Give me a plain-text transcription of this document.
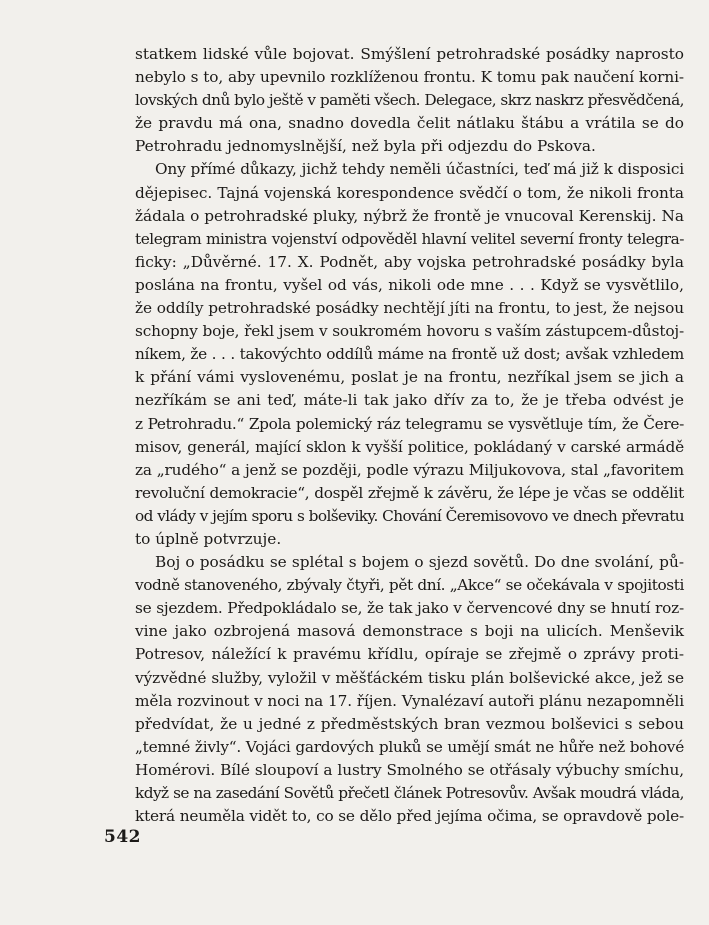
statkem lidské vůle bojovat. Smýšlení petrohradské posádky naprosto
nebylo s to, aby upevnilo rozklíženou frontu. K tomu pak naučení korni-
lovských dnů bylo ještě v paměti všech. Delegace, skrz naskrz přesvědčená,
že pravdu má ona, snadno dovedla čelit nátlaku štábu a vrátila se do
Petrohradu jednomyslnější, než byla při odjezdu do Pskova.
Ony přímé důkazy, jichž tehdy neměli účastníci, teď má již k disposici
dějepisec. Tajná vojenská korespondence svědčí o tom, že nikoli fronta
žádala o petrohradské pluky, nýbrž že frontě je vnucoval Kerenskij. Na
telegram ministra vojenství odpověděl hlavní velitel severní fronty telegra-
ficky: „Důvěrné. 17. X. Podnět, aby vojska petrohradské posádky byla
poslána na frontu, vyšel od vás, nikoli ode mne . . . Když se vysvětlilo,
že oddíly petrohradské posádky nechtějí jíti na frontu, to jest, že nejsou
schopny boje, řekl jsem v soukromém hovoru s vaším zástupcem-důstoj-
níkem, že . . . takovýchto oddílů máme na frontě už dost; avšak vzhledem
k přání vámi vyslovenému, poslat je na frontu, nezříkal jsem se jich a
nezříkám se ani teď, máte-li tak jako dřív za to, že je třeba odvést je
z Petrohradu.“ Zpola polemický ráz telegramu se vysvětluje tím, že Čere-
misov, generál, mající sklon k vyšší politice, pokládaný v carské armádě
za „rudého“ a jenž se později, podle výrazu Miljukovova, stal „favoritem
revoluční demokracie“, dospěl zřejmě k závěru, že lépe je včas se oddělit
od vlády v jejím sporu s bolševiky. Chování Čeremisovovo ve dnech převratu
to úplně potvrzuje.
Boj o posádku se splétal s bojem o sjezd sovětů. Do dne svolání, pů-
vodně stanoveného, zbývaly čtyři, pět dní. „Akce“ se očekávala v spojitosti
se sjezdem. Předpokládalo se, že tak jako v červencové dny se hnutí roz-
vine jako ozbrojená masová demonstrace s boji na ulicích. Menševik
Potresov, náležící k pravému křídlu, opíraje se zřejmě o zprávy proti-
výzvědné služby, vyložil v měšťáckém tisku plán bolševické akce, jež se
měla rozvinout v noci na 17. říjen. Vynalézaví autoři plánu nezapomněli
předvídat, že u jedné z předměstských bran vezmou bolševici s sebou
„temné živly“. Vojáci gardových pluků se umějí smát ne hůře než bohové
Homérovi. Bílé sloupoví a lustry Smolného se otřásaly výbuchy smíchu,
když se na zasedání Sovětů přečetl článek Potresovův. Avšak moudrá vláda,
která neuměla vidět to, co se dělo před jejíma očima, se opravdově pole-
542
